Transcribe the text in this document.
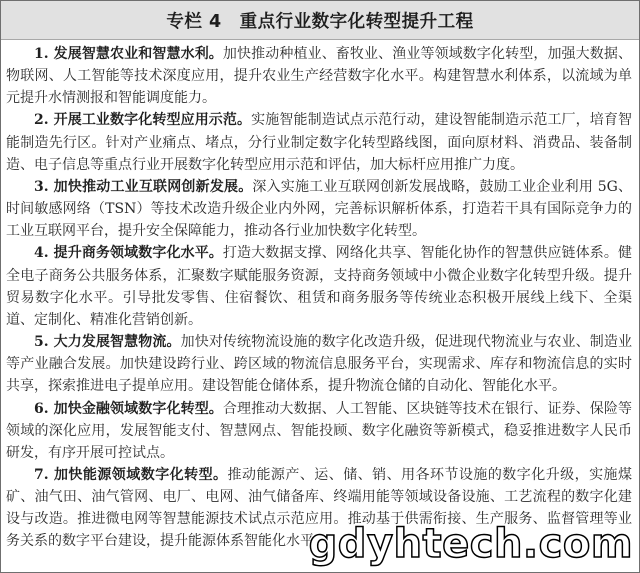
专栏 4　重点行业数字化转型提升工程

1. 发展智慧农业和智慧水利。加快推动种植业、畜牧业、渔业等领域数字化转型，加强大数据、物联网、人工智能等技术深度应用，提升农业生产经营数字化水平。构建智慧水利体系，以流域为单元提升水情测报和智能调度能力。

2. 开展工业数字化转型应用示范。实施智能制造试点示范行动，建设智能制造示范工厂，培育智能制造先行区。针对产业痛点、堵点，分行业制定数字化转型路线图，面向原材料、消费品、装备制造、电子信息等重点行业开展数字化转型应用示范和评估，加大标杆应用推广力度。

3. 加快推动工业互联网创新发展。深入实施工业互联网创新发展战略，鼓励工业企业利用 5G、时间敏感网络（TSN）等技术改造升级企业内外网，完善标识解析体系，打造若干具有国际竞争力的工业互联网平台，提升安全保障能力，推动各行业加快数字化转型。

4. 提升商务领域数字化水平。打造大数据支撑、网络化共享、智能化协作的智慧供应链体系。健全电子商务公共服务体系，汇聚数字赋能服务资源，支持商务领域中小微企业数字化转型升级。提升贸易数字化水平。引导批发零售、住宿餐饮、租赁和商务服务等传统业态积极开展线上线下、全渠道、定制化、精准化营销创新。

5. 大力发展智慧物流。加快对传统物流设施的数字化改造升级，促进现代物流业与农业、制造业等产业融合发展。加快建设跨行业、跨区域的物流信息服务平台，实现需求、库存和物流信息的实时共享，探索推进电子提单应用。建设智能仓储体系，提升物流仓储的自动化、智能化水平。

6. 加快金融领域数字化转型。合理推动大数据、人工智能、区块链等技术在银行、证券、保险等领域的深化应用，发展智能支付、智慧网点、智能投顾、数字化融资等新模式，稳妥推进数字人民币研发，有序开展可控试点。

7. 加快能源领域数字化转型。推动能源产、运、储、销、用各环节设施的数字化升级，实施煤矿、油气田、油气管网、电厂、电网、油气储备库、终端用能等领域设备设施、工艺流程的数字化建设与改造。推进微电网等智慧能源技术试点示范应用。推动基于供需衔接、生产服务、监督管理等业务关系的数字平台建设，提升能源体系智能化水平。

gdyhtech.com
